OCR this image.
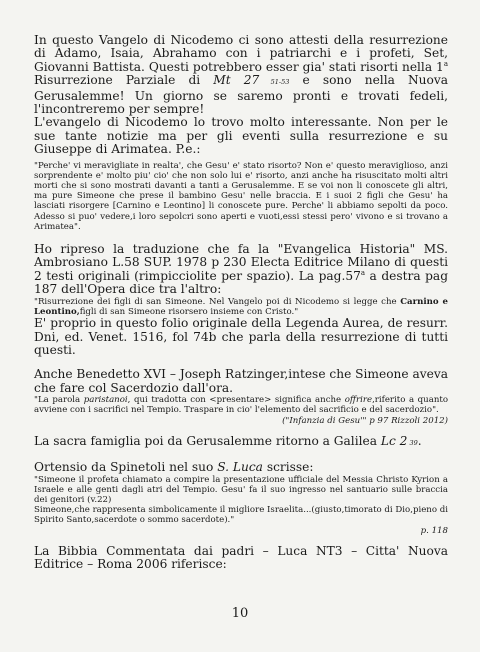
In questo Vangelo di Nicodemo ci sono attesti della resurrezione di Adamo, Isaia, Abrahamo con i patriarchi e i profeti, Set, Giovanni Battista. Questi potrebbero esser gia' stati risorti nella 1$^a$ Risurrezione Parziale di Mt 27 51-53 e sono nella Nuova Gerusalemme! Un giorno se saremo pronti e trovati fedeli, l'incontreremo per sempre!

L'evangelo di Nicodemo lo trovo molto interessante. Non per le sue tante notizie ma per gli eventi sulla resurrezione e su Giuseppe di Arimatea. P.e.:

"Perche' vi meravigliate in realta', che Gesu' e' stato risorto? Non e' questo meraviglioso, anzi sorprendente e' molto piu' cio' che non solo lui e' risorto, anzi anche ha risuscitato molti altri morti che si sono mostrati davanti a tanti a Gerusalemme. E se voi non li conoscete gli altri, ma pure Simeone che prese il bambino Gesu' nelle braccia. E i suoi 2 figli che Gesu' ha lasciati risorgere [Carnino e Leontino] li conoscete pure. Perche' li abbiamo sepolti da poco. Adesso si puo' vedere,i loro sepolcri sono aperti e vuoti,essi stessi pero' vivono e si trovano a Arimatea".

Ho ripreso la traduzione che fa la "Evangelica Historia" MS. Ambrosiano L.58 SUP. 1978 p 230 Electa Editrice Milano di questi 2 testi originali (rimpicciolite per spazio). La pag.57$^a$ a destra pag 187 dell'Opera dice tra l'altro:

"Risurrezione dei figli di san Simeone. Nel Vangelo poi di Nicodemo si legge che Carnino e Leontino,figli di san Simeone risorsero insieme con Cristo."

E' proprio in questo folio originale della Legenda Aurea, de resurr. Dni, ed. Venet. 1516, fol 74b che parla della resurrezione di tutti questi.

Anche Benedetto XVI – Joseph Ratzinger,intese che Simeone aveva che fare col Sacerdozio dall'ora.

"La parola paristanoi, qui tradotta con <presentare> significa anche offrire,riferito a quanto avviene con i sacrifici nel Tempio. Traspare in cio' l'elemento del sacrificio e del sacerdozio".

("Infanzia di Gesu'" p 97 Rizzoli 2012)

La sacra famiglia poi da Gerusalemme ritorno a Galilea Lc 2 39.

Ortensio da Spinetoli nel suo S. Luca scrisse:

"Simeone il profeta chiamato a compire la presentazione ufficiale del Messia Christo Kyrion a Israele e alle genti dagli atri del Tempio. Gesu' fa il suo ingresso nel santuario sulle braccia dei genitori (v.22)
Simeone,che rappresenta simbolicamente il migliore Israelita...(giusto,timorato di Dio,pieno di Spirito Santo,sacerdote o sommo sacerdote)."

p. 118

La Bibbia Commentata dai padri – Luca NT3 – Citta' Nuova Editrice – Roma 2006 riferisce:

10
